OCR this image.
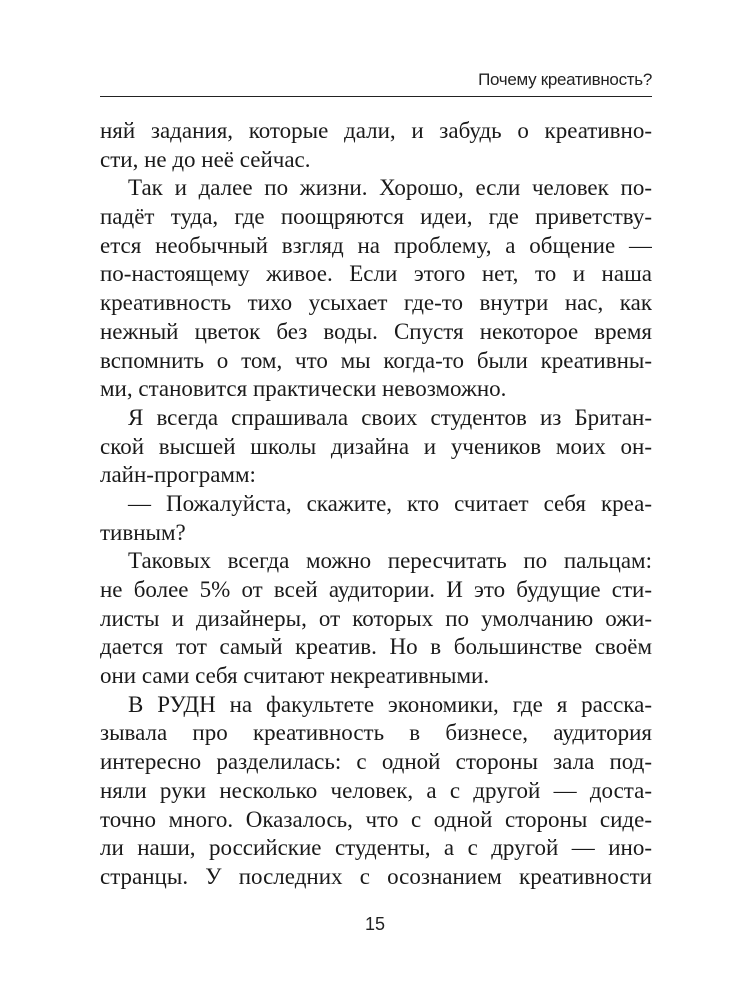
Почему креативность?
няй задания, которые дали, и забудь о креативно-
сти, не до неё сейчас.
Так и далее по жизни. Хорошо, если человек по-
падёт туда, где поощряются идеи, где приветству-
ется необычный взгляд на проблему, а общение —
по-настоящему живое. Если этого нет, то и наша
креативность тихо усыхает где-то внутри нас, как
нежный цветок без воды. Спустя некоторое время
вспомнить о том, что мы когда-то были креативны-
ми, становится практически невозможно.
Я всегда спрашивала своих студентов из Британ-
ской высшей школы дизайна и учеников моих он-
лайн-программ:
— Пожалуйста, скажите, кто считает себя креа-
тивным?
Таковых всегда можно пересчитать по пальцам:
не более 5% от всей аудитории. И это будущие сти-
листы и дизайнеры, от которых по умолчанию ожи-
дается тот самый креатив. Но в большинстве своём
они сами себя считают некреативными.
В РУДН на факультете экономики, где я расска-
зывала про креативность в бизнесе, аудитория
интересно разделилась: с одной стороны зала под-
няли руки несколько человек, а с другой — доста-
точно много. Оказалось, что с одной стороны сиде-
ли наши, российские студенты, а с другой — ино-
странцы. У последних с осознанием креативности
15
